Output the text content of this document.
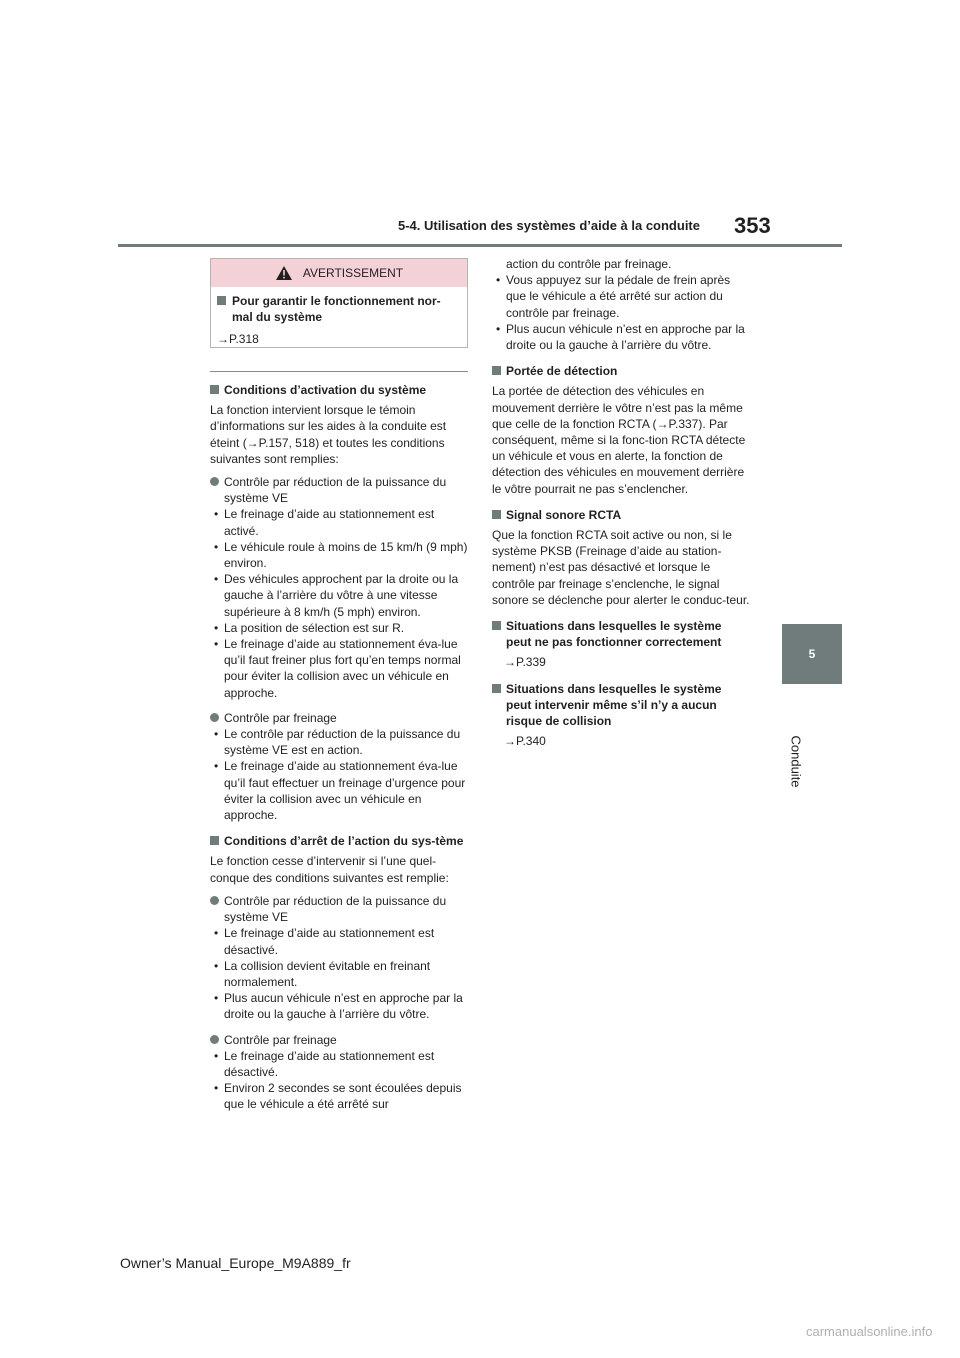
5-4. Utilisation des systèmes d’aide à la conduite 353
5
Conduite
AVERTISSEMENT
Pour garantir le fonctionnement nor-mal du système
→P.318
Conditions d’activation du système

La fonction intervient lorsque le témoin d’informations sur les aides à la conduite est éteint (→P.157, 518) et toutes les conditions suivantes sont remplies:

Contrôle par réduction de la puissance du système VE
• Le freinage d’aide au stationnement est activé.
• Le véhicule roule à moins de 15 km/h (9 mph) environ.
• Des véhicules approchent par la droite ou la gauche à l’arrière du vôtre à une vitesse supérieure à 8 km/h (5 mph) environ.
• La position de sélection est sur R.
• Le freinage d’aide au stationnement éva-lue qu’il faut freiner plus fort qu’en temps normal pour éviter la collision avec un véhicule en approche.
Contrôle par freinage
• Le contrôle par réduction de la puissance du système VE est en action.
• Le freinage d’aide au stationnement éva-lue qu’il faut effectuer un freinage d’urgence pour éviter la collision avec un véhicule en approche.
Conditions d’arrêt de l’action du sys-tème

Le fonction cesse d’intervenir si l’une quel-conque des conditions suivantes est remplie:

Contrôle par réduction de la puissance du système VE
• Le freinage d’aide au stationnement est désactivé.
• La collision devient évitable en freinant normalement.
• Plus aucun véhicule n’est en approche par la droite ou la gauche à l’arrière du vôtre.
Contrôle par freinage
• Le freinage d’aide au stationnement est désactivé.
• Environ 2 secondes se sont écoulées depuis que le véhicule a été arrêté sur
action du contrôle par freinage.
• Vous appuyez sur la pédale de frein après que le véhicule a été arrêté sur action du contrôle par freinage.
• Plus aucun véhicule n’est en approche par la droite ou la gauche à l’arrière du vôtre.
Portée de détection

La portée de détection des véhicules en mouvement derrière le vôtre n’est pas la même que celle de la fonction RCTA (→P.337). Par conséquent, même si la fonc-tion RCTA détecte un véhicule et vous en alerte, la fonction de détection des véhicules en mouvement derrière le vôtre pourrait ne pas s’enclencher.

Signal sonore RCTA

Que la fonction RCTA soit active ou non, si le système PKSB (Freinage d’aide au station-nement) n’est pas désactivé et lorsque le contrôle par freinage s’enclenche, le signal sonore se déclenche pour alerter le conduc-teur.

Situations dans lesquelles le système peut ne pas fonctionner correctement
→P.339
Situations dans lesquelles le système peut intervenir même s’il n’y a aucun risque de collision
→P.340
Owner’s Manual_Europe_M9A889_fr
carmanualsonline.info
